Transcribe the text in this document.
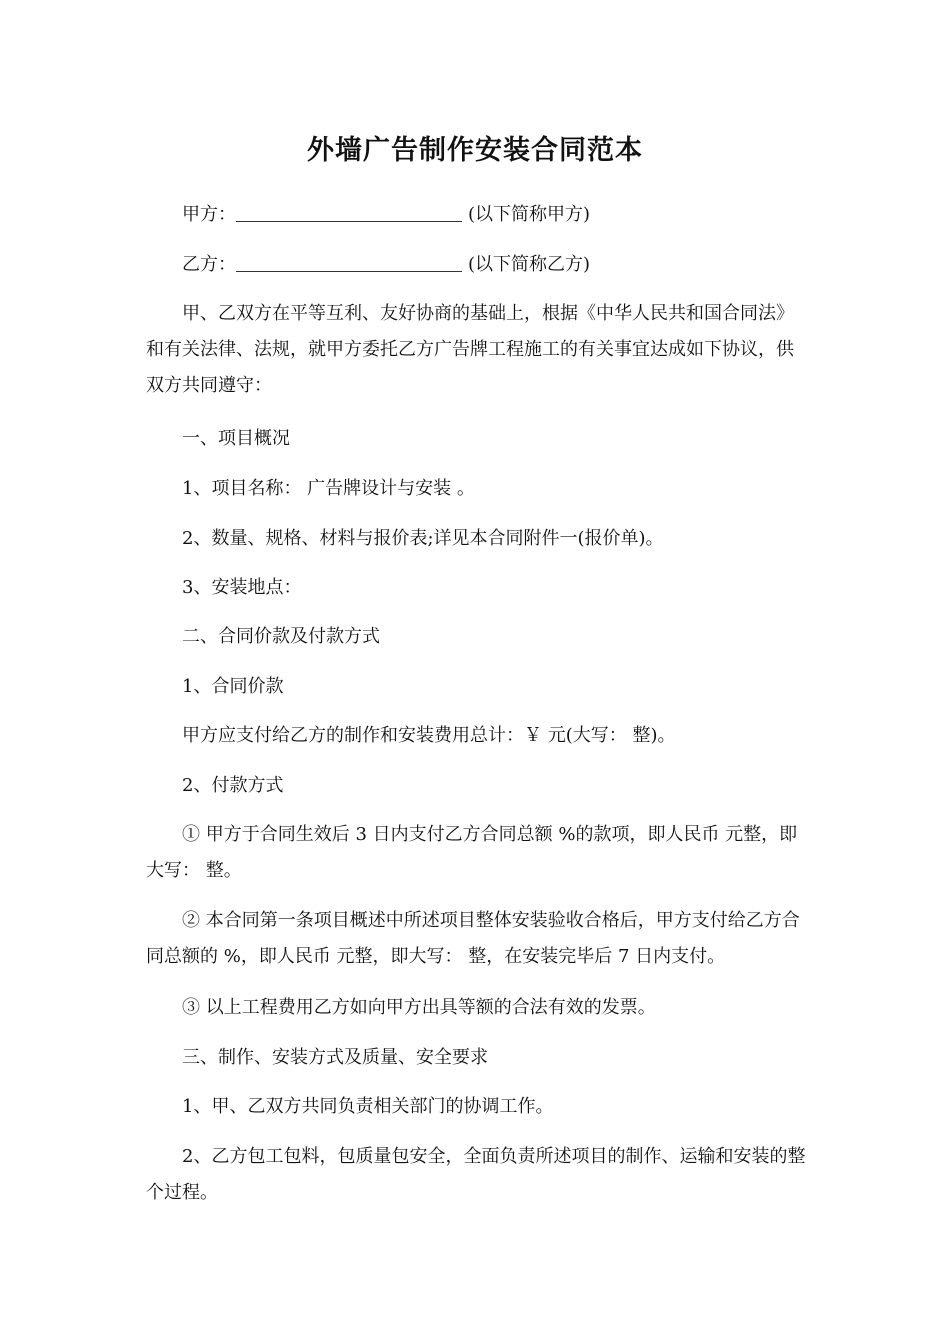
外墙广告制作安装合同范本
甲方：	(以下简称甲方)
乙方：	(以下简称乙方)

甲、乙双方在平等互利、友好协商的基础上，根据《中华人民共和国合同法》和有关法律、法规，就甲方委托乙方广告牌工程施工的有关事宜达成如下协议，供双方共同遵守：

一、项目概况

1、项目名称： 广告牌设计与安装 。

2、数量、规格、材料与报价表;详见本合同附件一(报价单)。

3、安装地点：

二、合同价款及付款方式

1、合同价款

甲方应支付给乙方的制作和安装费用总计：￥ 元(大写： 整)。

2、付款方式

① 甲方于合同生效后 3 日内支付乙方合同总额 %的款项，即人民币 元整，即大写： 整。

② 本合同第一条项目概述中所述项目整体安装验收合格后，甲方支付给乙方合同总额的 %，即人民币 元整，即大写： 整，在安装完毕后 7 日内支付。

③ 以上工程费用乙方如向甲方出具等额的合法有效的发票。

三、制作、安装方式及质量、安全要求

1、甲、乙双方共同负责相关部门的协调工作。

2、乙方包工包料，包质量包安全，全面负责所述项目的制作、运输和安装的整个过程。
